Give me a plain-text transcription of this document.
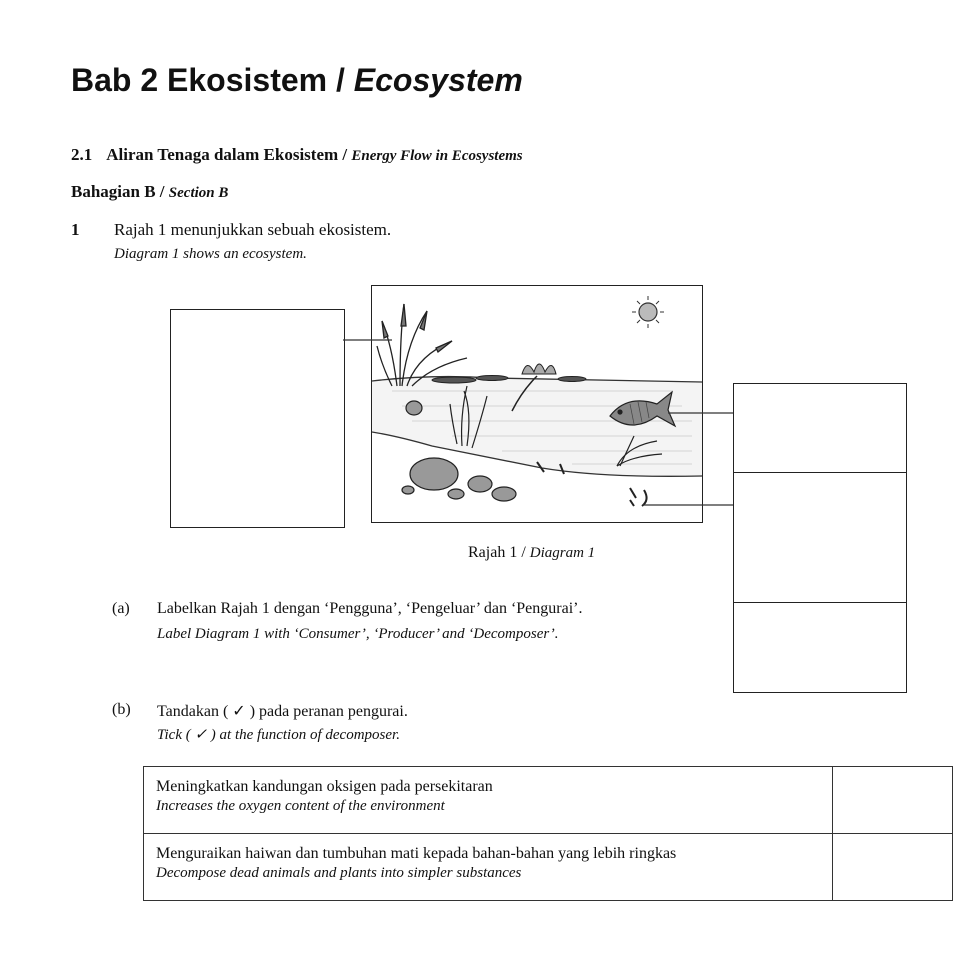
Bab 2 Ekosistem / Ecosystem
2.1 Aliran Tenaga dalam Ekosistem / Energy Flow in Ecosystems
Bahagian B / Section B
1 Rajah 1 menunjukkan sebuah ekosistem.
Diagram 1 shows an ecosystem.
Rajah 1 / Diagram 1
(a) Labelkan Rajah 1 dengan ‘Pengguna’, ‘Pengeluar’ dan ‘Pengurai’.
Label Diagram 1 with ‘Consumer’, ‘Producer’ and ‘Decomposer’.
(b) Tandakan ( ✓ ) pada peranan pengurai.
Tick ( ✓ ) at the function of decomposer.
Meningkatkan kandungan oksigen pada persekitaran
Increases the oxygen content of the environment	

Menguraikan haiwan dan tumbuhan mati kepada bahan-bahan yang lebih ringkas
Decompose dead animals and plants into simpler substances	
